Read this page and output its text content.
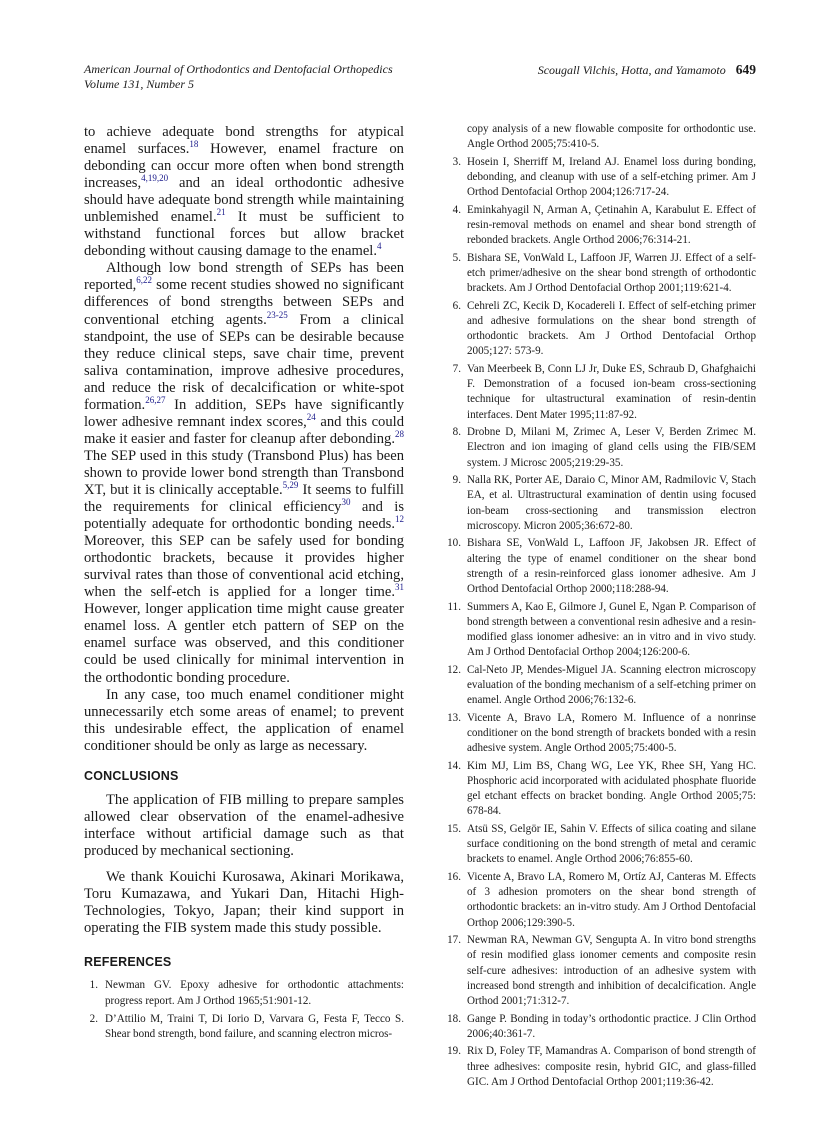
American Journal of Orthodontics and Dentofacial Orthopedics
Volume 131, Number 5
Scougall Vilchis, Hotta, and Yamamoto 649

to achieve adequate bond strengths for atypical enamel surfaces.$^{18}$ However, enamel fracture on debonding can occur more often when bond strength increases,$^{4,19,20}$ and an ideal orthodontic adhesive should have adequate bond strength while maintaining unblemished enamel.$^{21}$ It must be sufficient to withstand functional forces but allow bracket debonding without causing damage to the enamel.$^4$

Although low bond strength of SEPs has been reported,$^{6,22}$ some recent studies showed no significant differences of bond strengths between SEPs and conventional etching agents.$^{23-25}$ From a clinical standpoint, the use of SEPs can be desirable because they reduce clinical steps, save chair time, prevent saliva contamination, improve adhesive procedures, and reduce the risk of decalcification or white-spot formation.$^{26,27}$ In addition, SEPs have significantly lower adhesive remnant index scores,$^{24}$ and this could make it easier and faster for cleanup after debonding.$^{28}$ The SEP used in this study (Transbond Plus) has been shown to provide lower bond strength than Transbond XT, but it is clinically acceptable.$^{5,29}$ It seems to fulfill the requirements for clinical efficiency$^{30}$ and is potentially adequate for orthodontic bonding needs.$^{12}$ Moreover, this SEP can be safely used for bonding orthodontic brackets, because it provides higher survival rates than those of conventional acid etching, when the self-etch is applied for a longer time.$^{31}$ However, longer application time might cause greater enamel loss. A gentler etch pattern of SEP on the enamel surface was observed, and this conditioner could be used clinically for minimal intervention in the orthodontic bonding procedure.

In any case, too much enamel conditioner might unnecessarily etch some areas of enamel; to prevent this undesirable effect, the application of enamel conditioner should be only as large as necessary.

CONCLUSIONS

The application of FIB milling to prepare samples allowed clear observation of the enamel-adhesive interface without artificial damage such as that produced by mechanical sectioning.

We thank Kouichi Kurosawa, Akinari Morikawa, Toru Kumazawa, and Yukari Dan, Hitachi High-Technologies, Tokyo, Japan; their kind support in operating the FIB system made this study possible.

REFERENCES
1. Newman GV. Epoxy adhesive for orthodontic attachments: progress report. Am J Orthod 1965;51:901-12.
2. D’Attilio M, Traini T, Di Iorio D, Varvara G, Festa F, Tecco S. Shear bond strength, bond failure, and scanning electron micros-
copy analysis of a new flowable composite for orthodontic use. Angle Orthod 2005;75:410-5.
3. Hosein I, Sherriff M, Ireland AJ. Enamel loss during bonding, debonding, and cleanup with use of a self-etching primer. Am J Orthod Dentofacial Orthop 2004;126:717-24.
4. Eminkahyagil N, Arman A, Çetinahin A, Karabulut E. Effect of resin-removal methods on enamel and shear bond strength of rebonded brackets. Angle Orthod 2006;76:314-21.
5. Bishara SE, VonWald L, Laffoon JF, Warren JJ. Effect of a self-etch primer/adhesive on the shear bond strength of orthodontic brackets. Am J Orthod Dentofacial Orthop 2001;119:621-4.
6. Cehreli ZC, Kecik D, Kocadereli I. Effect of self-etching primer and adhesive formulations on the shear bond strength of orthodontic brackets. Am J Orthod Dentofacial Orthop 2005;127: 573-9.
7. Van Meerbeek B, Conn LJ Jr, Duke ES, Schraub D, Ghafghaichi F. Demonstration of a focused ion-beam cross-sectioning technique for ultastructural examination of resin-dentin interfaces. Dent Mater 1995;11:87-92.
8. Drobne D, Milani M, Zrimec A, Leser V, Berden Zrimec M. Electron and ion imaging of gland cells using the FIB/SEM system. J Microsc 2005;219:29-35.
9. Nalla RK, Porter AE, Daraio C, Minor AM, Radmilovic V, Stach EA, et al. Ultrastructural examination of dentin using focused ion-beam cross-sectioning and transmission electron microscopy. Micron 2005;36:672-80.
10. Bishara SE, VonWald L, Laffoon JF, Jakobsen JR. Effect of altering the type of enamel conditioner on the shear bond strength of a resin-reinforced glass ionomer adhesive. Am J Orthod Dentofacial Orthop 2000;118:288-94.
11. Summers A, Kao E, Gilmore J, Gunel E, Ngan P. Comparison of bond strength between a conventional resin adhesive and a resin-modified glass ionomer adhesive: an in vitro and in vivo study. Am J Orthod Dentofacial Orthop 2004;126:200-6.
12. Cal-Neto JP, Mendes-Miguel JA. Scanning electron microscopy evaluation of the bonding mechanism of a self-etching primer on enamel. Angle Orthod 2006;76:132-6.
13. Vicente A, Bravo LA, Romero M. Influence of a nonrinse conditioner on the bond strength of brackets bonded with a resin adhesive system. Angle Orthod 2005;75:400-5.
14. Kim MJ, Lim BS, Chang WG, Lee YK, Rhee SH, Yang HC. Phosphoric acid incorporated with acidulated phosphate fluoride gel etchant effects on bracket bonding. Angle Orthod 2005;75: 678-84.
15. Atsü SS, Gelgör IE, Sahin V. Effects of silica coating and silane surface conditioning on the bond strength of metal and ceramic brackets to enamel. Angle Orthod 2006;76:855-60.
16. Vicente A, Bravo LA, Romero M, Ortíz AJ, Canteras M. Effects of 3 adhesion promoters on the shear bond strength of orthodontic brackets: an in-vitro study. Am J Orthod Dentofacial Orthop 2006;129:390-5.
17. Newman RA, Newman GV, Sengupta A. In vitro bond strengths of resin modified glass ionomer cements and composite resin self-cure adhesives: introduction of an adhesive system with increased bond strength and inhibition of decalcification. Angle Orthod 2001;71:312-7.
18. Gange P. Bonding in today’s orthodontic practice. J Clin Orthod 2006;40:361-7.
19. Rix D, Foley TF, Mamandras A. Comparison of bond strength of three adhesives: composite resin, hybrid GIC, and glass-filled GIC. Am J Orthod Dentofacial Orthop 2001;119:36-42.
